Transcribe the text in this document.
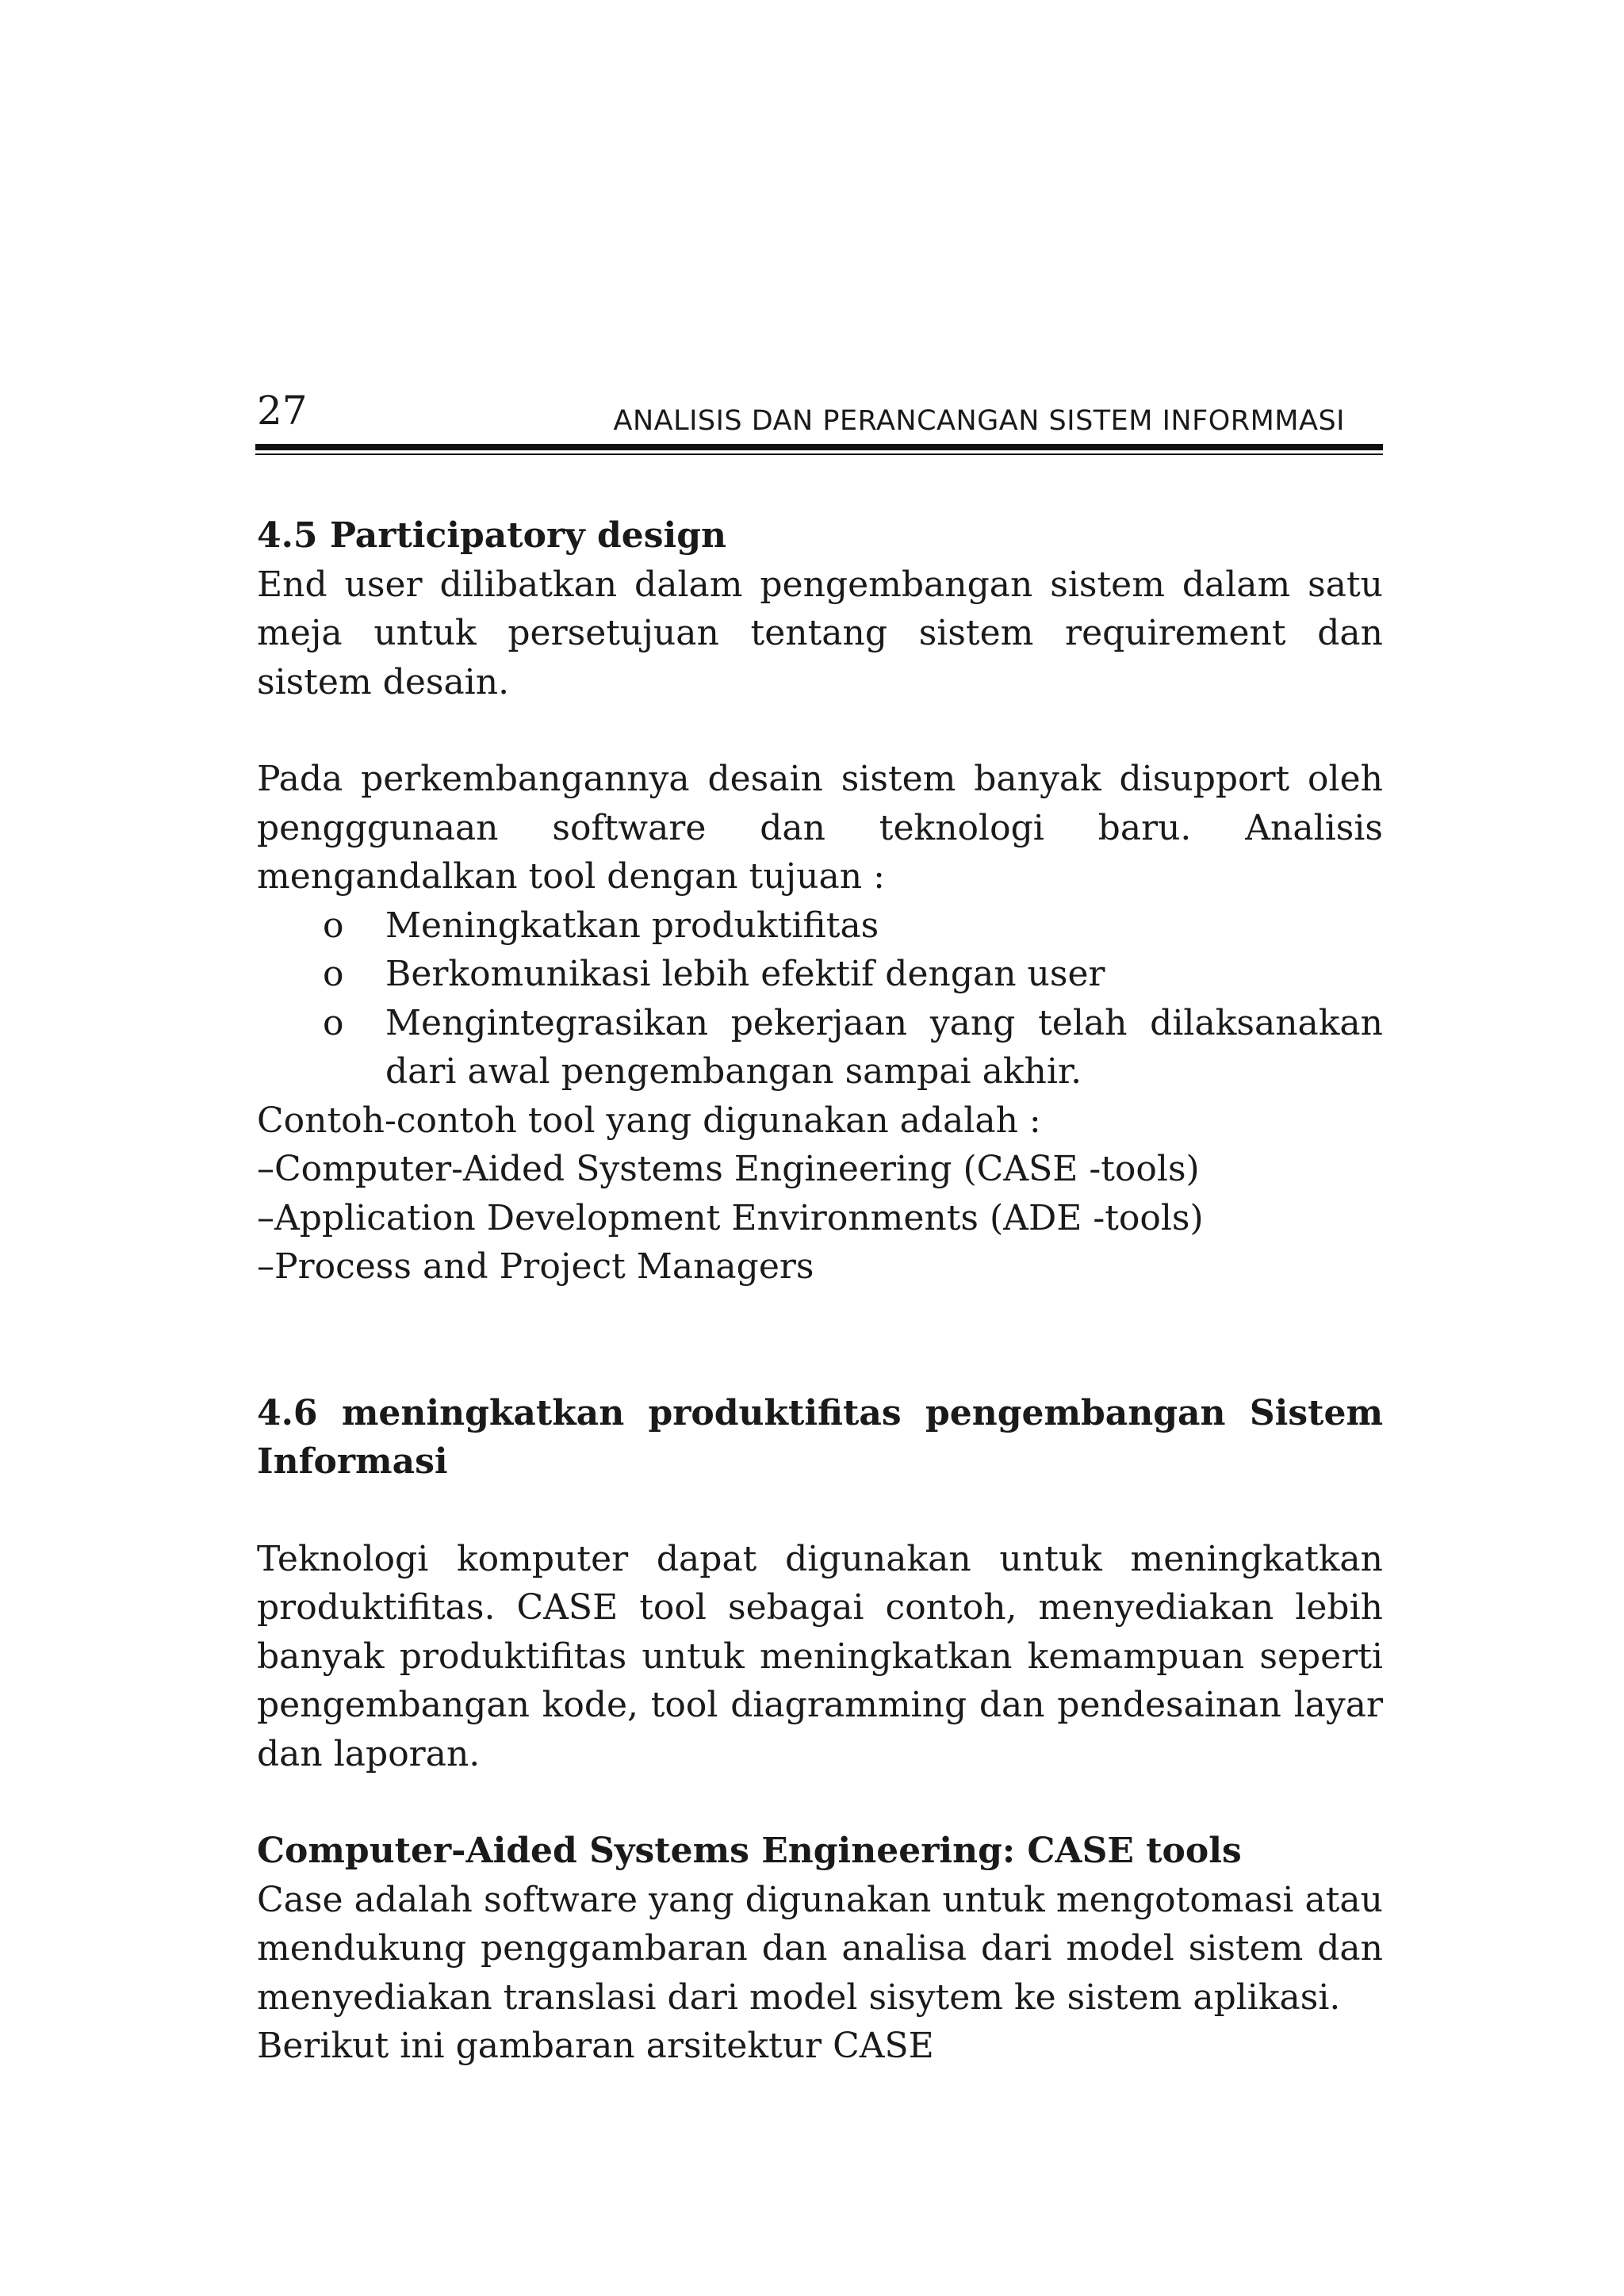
27	ANALISIS DAN PERANCANGAN SISTEM INFORMMASI

4.5 Participatory design

End user dilibatkan dalam pengembangan sistem dalam satu meja untuk persetujuan tentang sistem requirement dan sistem desain.

Pada perkembangannya desain sistem banyak disupport oleh pengggunaan software dan teknologi baru. Analisis mengandalkan tool dengan tujuan :

o	Meningkatkan produktifitas
o	Berkomunikasi lebih efektif dengan user
o	Mengintegrasikan pekerjaan yang telah dilaksanakan dari awal pengembangan sampai akhir.

Contoh-contoh tool yang digunakan adalah :

–Computer-Aided Systems Engineering (CASE -tools)

–Application Development Environments (ADE -tools)

–Process and Project Managers

4.6 meningkatkan produktifitas pengembangan Sistem

Informasi

Teknologi komputer dapat digunakan untuk meningkatkan produktifitas. CASE tool sebagai contoh, menyediakan lebih banyak produktifitas untuk meningkatkan kemampuan seperti pengembangan kode, tool diagramming dan pendesainan layar dan laporan.

Computer-Aided Systems Engineering: CASE tools

Case adalah software yang digunakan untuk mengotomasi atau mendukung penggambaran dan analisa dari model sistem dan menyediakan translasi dari model sisytem ke sistem aplikasi.

Berikut ini gambaran arsitektur CASE
